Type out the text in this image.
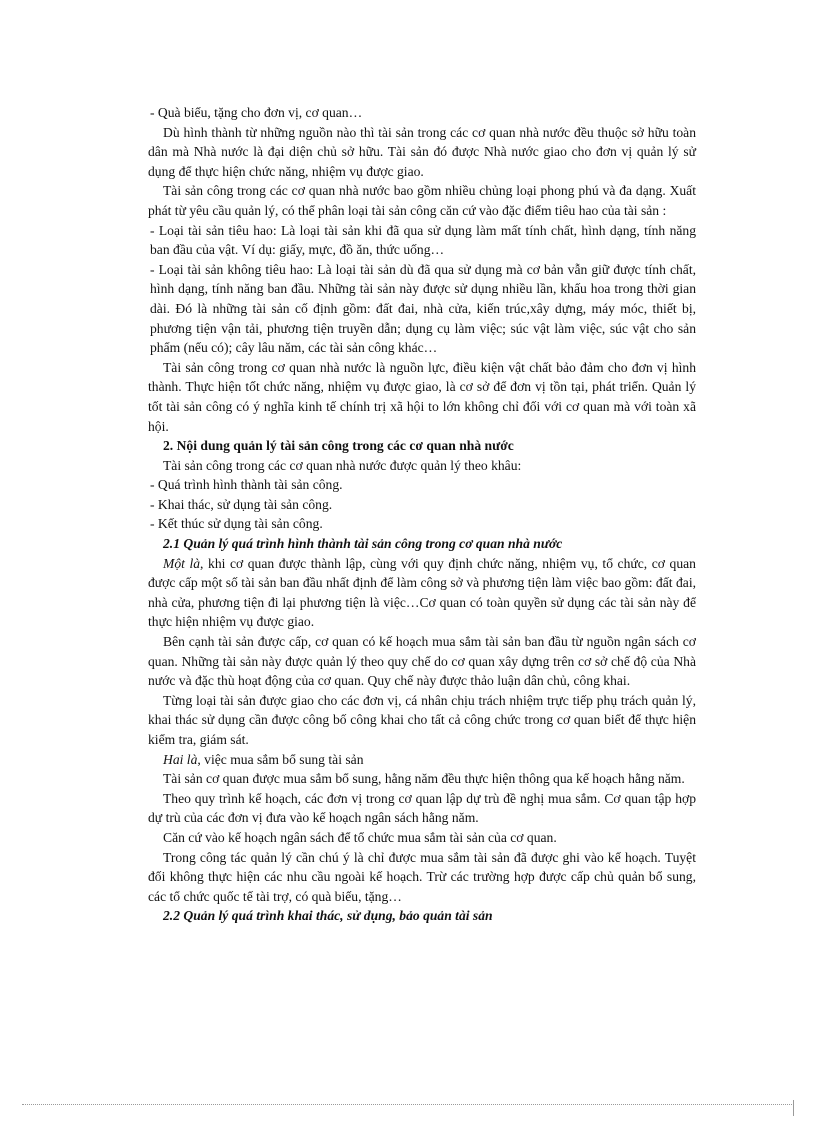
- Quà biếu, tặng cho đơn vị, cơ quan…

Dù hình thành từ những nguồn nào thì tài sản trong các cơ quan nhà nước đều thuộc sở hữu toàn dân mà Nhà nước là đại diện chủ sở hữu. Tài sản đó được Nhà nước giao cho đơn vị quản lý sử dụng để thực hiện chức năng, nhiệm vụ được giao.

Tài sản công trong các cơ quan nhà nước bao gồm nhiều chủng loại phong phú và đa dạng. Xuất phát từ yêu cầu quản lý, có thể phân loại tài sản công căn cứ vào đặc điểm tiêu hao của tài sản :

- Loại tài sản tiêu hao: Là loại tài sản khi đã qua sử dụng làm mất tính chất, hình dạng, tính năng ban đầu của vật. Ví dụ: giấy, mực, đồ ăn, thức uống…

- Loại tài sản không tiêu hao: Là loại tài sản dù đã qua sử dụng mà cơ bản vẫn giữ được tính chất, hình dạng, tính năng ban đầu. Những tài sản này được sử dụng nhiều lần, khấu hoa trong thời gian dài. Đó là những tài sản cố định gồm: đất đai, nhà cửa, kiến trúc,xây dựng, máy móc, thiết bị, phương tiện vận tải, phương tiện truyền dẫn; dụng cụ làm việc; súc vật làm việc, súc vật cho sản phẩm (nếu có); cây lâu năm, các tài sản công khác…

Tài sản công trong cơ quan nhà nước là nguồn lực, điều kiện vật chất bảo đảm cho đơn vị hình thành. Thực hiện tốt chức năng, nhiệm vụ được giao, là cơ sở để đơn vị tồn tại, phát triển. Quản lý tốt tài sản công có ý nghĩa kinh tế chính trị xã hội to lớn không chỉ đối với cơ quan mà với toàn xã hội.

2. Nội dung quản lý tài sản công trong các cơ quan nhà nước

Tài sản công trong các cơ quan nhà nước được quản lý theo khâu:

- Quá trình hình thành tài sản công.

- Khai thác, sử dụng tài sản công.

- Kết thúc sử dụng tài sản công.

2.1 Quản lý quá trình hình thành tài sản công trong cơ quan nhà nước

Một là, khi cơ quan được thành lập, cùng với quy định chức năng, nhiệm vụ, tổ chức, cơ quan được cấp một số tài sản ban đầu nhất định để làm công sở và phương tiện làm việc bao gồm: đất đai, nhà cửa, phương tiện đi lại phương tiện là việc…Cơ quan có toàn quyền sử dụng các tài sản này để thực hiện nhiệm vụ được giao.

Bên cạnh tài sản được cấp, cơ quan có kế hoạch mua sắm tài sản ban đầu từ nguồn ngân sách cơ quan. Những tài sản này được quản lý theo quy chế do cơ quan xây dựng trên cơ sở chế độ của Nhà nước và đặc thù hoạt động của cơ quan. Quy chế này được thảo luận dân chủ, công khai.

Từng loại tài sản được giao cho các đơn vị, cá nhân chịu trách nhiệm trực tiếp phụ trách quản lý, khai thác sử dụng cần được công bố công khai cho tất cả công chức trong cơ quan biết để thực hiện kiểm tra, giám sát.

Hai là, việc mua sắm bổ sung tài sản

Tài sản cơ quan được mua sắm bổ sung, hằng năm đều thực hiện thông qua kế hoạch hằng năm.

Theo quy trình kế hoạch, các đơn vị trong cơ quan lập dự trù đề nghị mua sắm. Cơ quan tập hợp dự trù của các đơn vị đưa vào kế hoạch ngân sách hằng năm.

Căn cứ vào kế hoạch ngân sách để tổ chức mua sắm tài sản của cơ quan.

Trong công tác quản lý cần chú ý là chỉ được mua sắm tài sản đã được ghi vào kế hoạch. Tuyệt đối không thực hiện các nhu cầu ngoài kế hoạch. Trừ các trường hợp được cấp chủ quản bổ sung, các tổ chức quốc tế tài trợ, có quà biếu, tặng…

2.2 Quản lý quá trình khai thác, sử dụng, bảo quản tài sản
